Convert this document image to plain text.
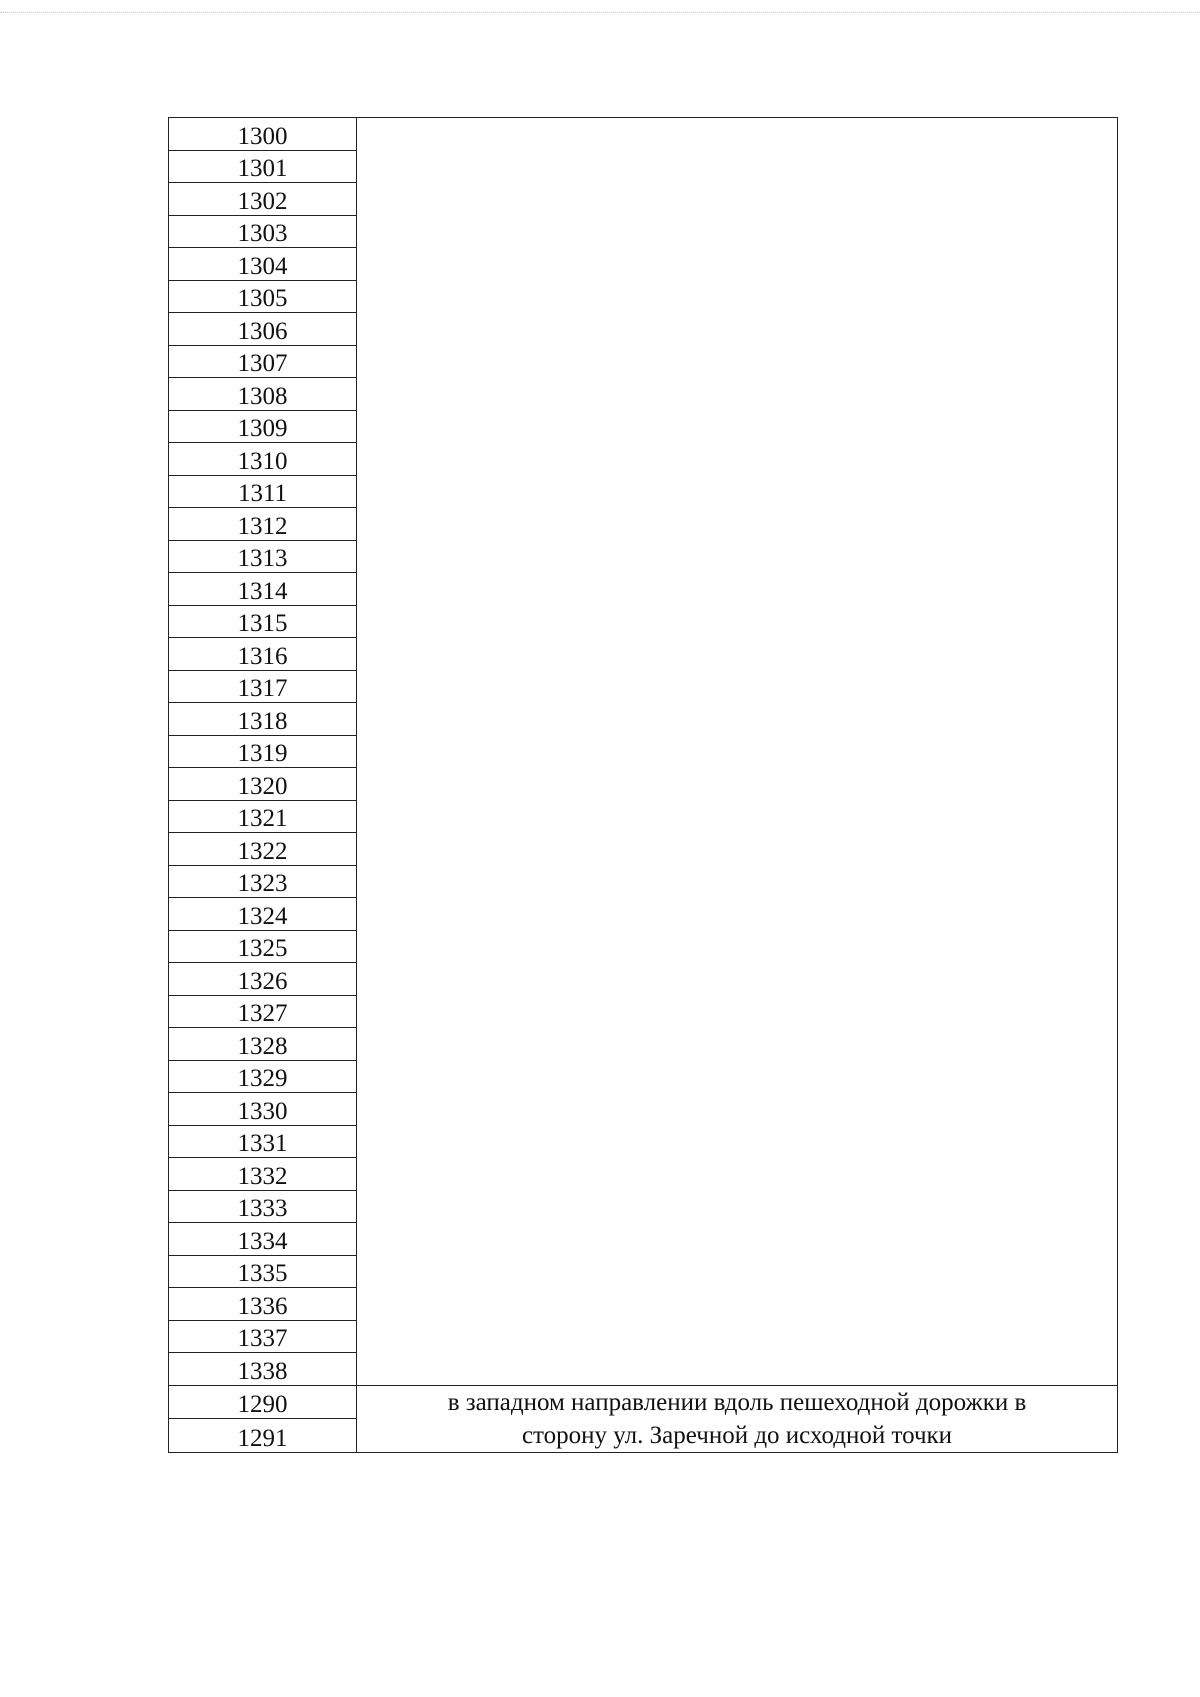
1300	
1301	
1302	
1303	
1304	
1305	
1306	
1307	
1308	
1309	
1310	
1311	
1312	
1313	
1314	
1315	
1316	
1317	
1318	
1319	
1320	
1321	
1322	
1323	
1324	
1325	
1326	
1327	
1328	
1329	
1330	
1331	
1332	
1333	
1334	
1335	
1336	
1337	
1338	
1290	в западном направлении вдоль пешеходной дорожки в
сторону ул. Заречной до исходной точки

1291	
